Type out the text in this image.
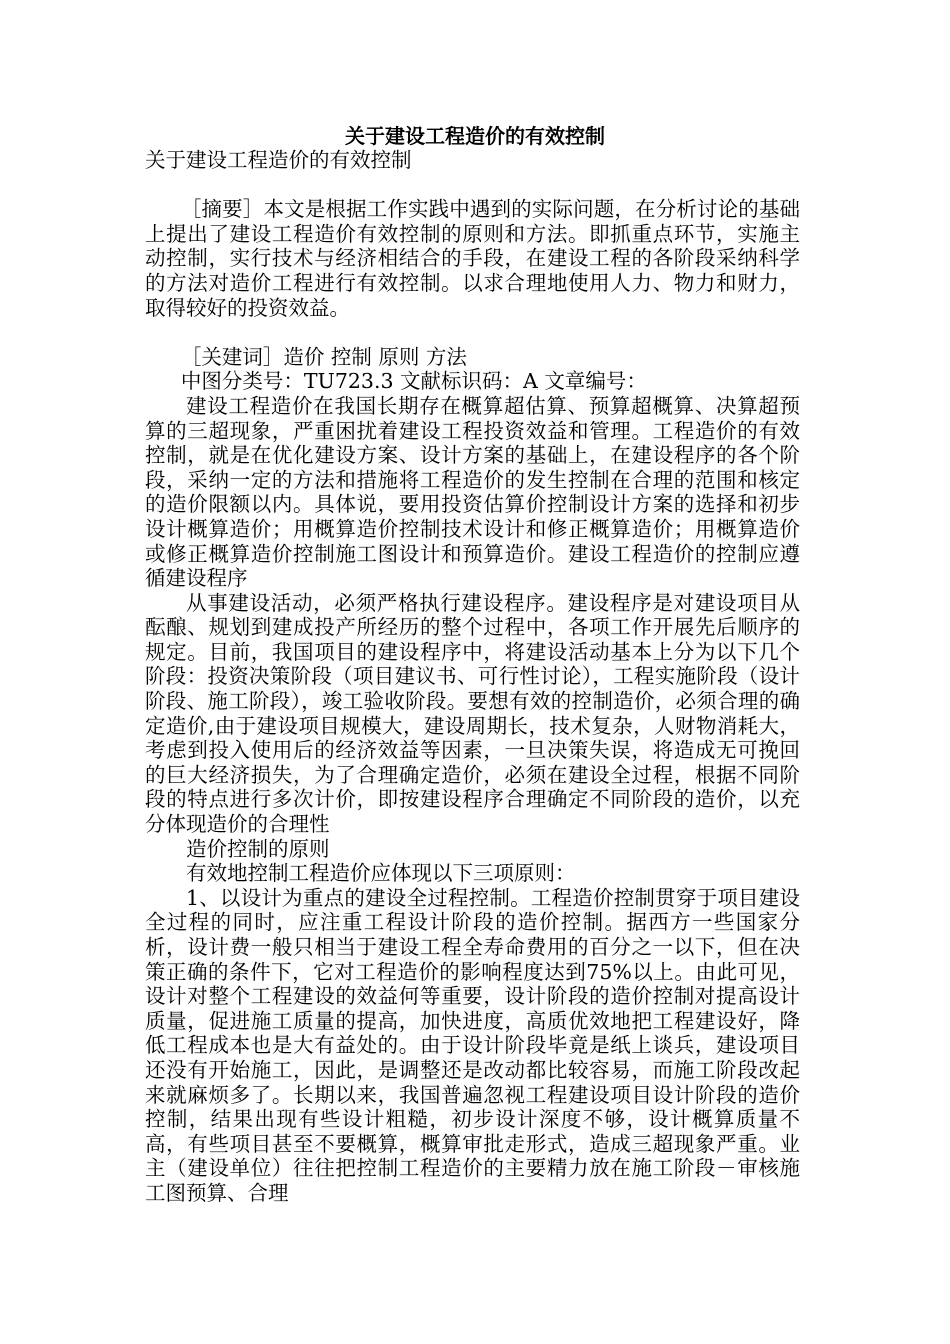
关于建设工程造价的有效控制

关于建设工程造价的有效控制

［摘要］本文是根据工作实践中遇到的实际问题，在分析讨论的基础上提出了建设工程造价有效控制的原则和方法。即抓重点环节，实施主动控制，实行技术与经济相结合的手段，在建设工程的各阶段采纳科学的方法对造价工程进行有效控制。以求合理地使用人力、物力和财力，取得较好的投资效益。

［关建词］造价 控制 原则 方法

中图分类号：TU723.3 文献标识码：A 文章编号：

建设工程造价在我国长期存在概算超估算、预算超概算、决算超预算的三超现象，严重困扰着建设工程投资效益和管理。工程造价的有效控制，就是在优化建设方案、设计方案的基础上，在建设程序的各个阶段，采纳一定的方法和措施将工程造价的发生控制在合理的范围和核定的造价限额以内。具体说，要用投资估算价控制设计方案的选择和初步设计概算造价；用概算造价控制技术设计和修正概算造价；用概算造价或修正概算造价控制施工图设计和预算造价。建设工程造价的控制应遵循建设程序

从事建设活动，必须严格执行建设程序。建设程序是对建设项目从酝酿、规划到建成投产所经历的整个过程中，各项工作开展先后顺序的规定。目前，我国项目的建设程序中，将建设活动基本上分为以下几个阶段：投资决策阶段（项目建议书、可行性讨论），工程实施阶段（设计阶段、施工阶段），竣工验收阶段。要想有效的控制造价，必须合理的确定造价,由于建设项目规模大，建设周期长，技术复杂，人财物消耗大，考虑到投入使用后的经济效益等因素，一旦决策失误，将造成无可挽回的巨大经济损失，为了合理确定造价，必须在建设全过程，根据不同阶段的特点进行多次计价，即按建设程序合理确定不同阶段的造价，以充分体现造价的合理性

造价控制的原则

有效地控制工程造价应体现以下三项原则：

1、以设计为重点的建设全过程控制。工程造价控制贯穿于项目建设全过程的同时，应注重工程设计阶段的造价控制。据西方一些国家分析，设计费一般只相当于建设工程全寿命费用的百分之一以下，但在决策正确的条件下，它对工程造价的影响程度达到75%以上。由此可见，设计对整个工程建设的效益何等重要，设计阶段的造价控制对提高设计质量，促进施工质量的提高，加快进度，高质优效地把工程建设好，降低工程成本也是大有益处的。由于设计阶段毕竟是纸上谈兵，建设项目还没有开始施工，因此，是调整还是改动都比较容易，而施工阶段改起来就麻烦多了。长期以来，我国普遍忽视工程建设项目设计阶段的造价控制，结果出现有些设计粗糙，初步设计深度不够，设计概算质量不高，有些项目甚至不要概算，概算审批走形式，造成三超现象严重。业主（建设单位）往往把控制工程造价的主要精力放在施工阶段－审核施工图预算、合理
